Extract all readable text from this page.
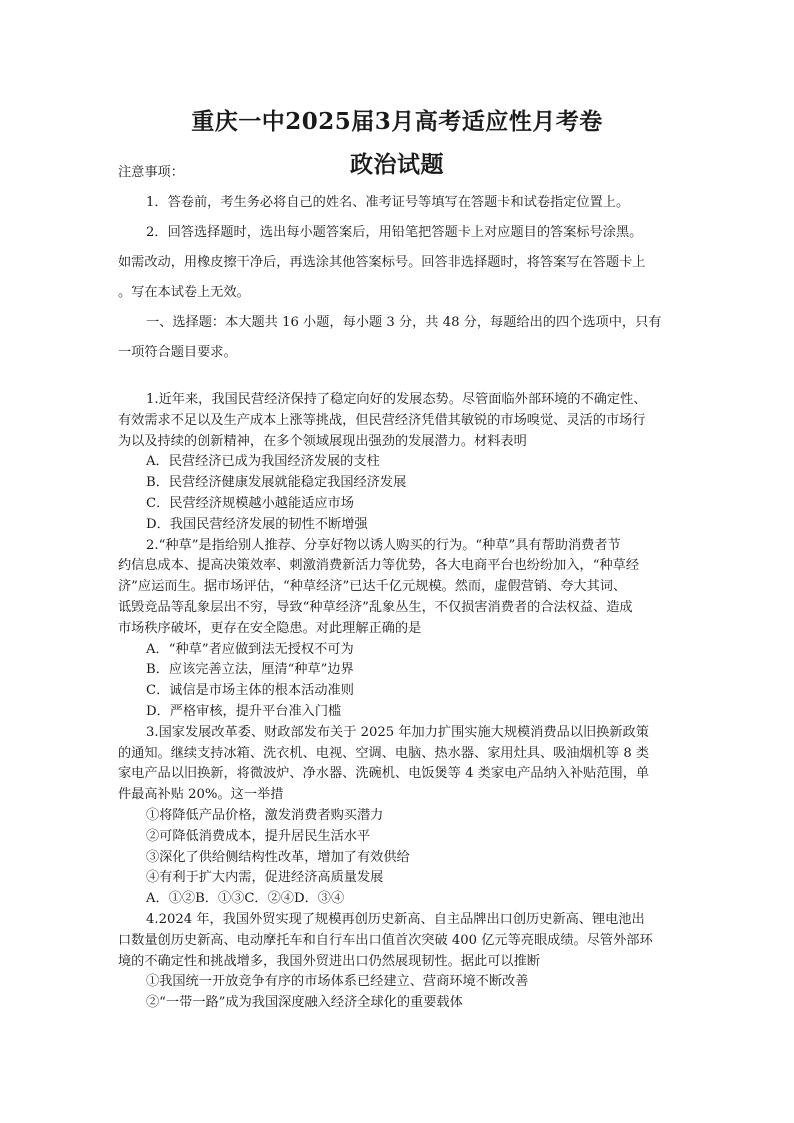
重庆一中2025届3月高考适应性月考卷
政治试题
注意事项：
1．答卷前，考生务必将自己的姓名、准考证号等填写在答题卡和试卷指定位置上。
2．回答选择题时，选出每小题答案后，用铅笔把答题卡上对应题目的答案标号涂黑。
如需改动，用橡皮擦干净后，再选涂其他答案标号。回答非选择题时，将答案写在答题卡上
。写在本试卷上无效。
一、选择题：本大题共 16 小题，每小题 3 分，共 48 分，每题给出的四个选项中，只有
一项符合题目要求。
1.近年来，我国民营经济保持了稳定向好的发展态势。尽管面临外部环境的不确定性、
有效需求不足以及生产成本上涨等挑战，但民营经济凭借其敏锐的市场嗅觉、灵活的市场行
为以及持续的创新精神，在多个领域展现出强劲的发展潜力。材料表明
A．民营经济已成为我国经济发展的支柱
B．民营经济健康发展就能稳定我国经济发展
C．民营经济规模越小越能适应市场
D．我国民营经济发展的韧性不断增强
2.“种草”是指给别人推荐、分享好物以诱人购买的行为。“种草”具有帮助消费者节
约信息成本、提高决策效率、刺激消费新活力等优势，各大电商平台也纷纷加入，“种草经
济”应运而生。据市场评估，“种草经济”已达千亿元规模。然而，虚假营销、夸大其词、
诋毁竞品等乱象层出不穷，导致“种草经济”乱象丛生，不仅损害消费者的合法权益、造成
市场秩序破坏，更存在安全隐患。对此理解正确的是
A．“种草”者应做到法无授权不可为
B．应该完善立法，厘清“种草”边界
C．诚信是市场主体的根本活动准则
D．严格审核，提升平台准入门槛
3.国家发展改革委、财政部发布关于 2025 年加力扩围实施大规模消费品以旧换新政策
的通知。继续支持冰箱、洗衣机、电视、空调、电脑、热水器、家用灶具、吸油烟机等 8 类
家电产品以旧换新，将微波炉、净水器、洗碗机、电饭煲等 4 类家电产品纳入补贴范围，单
件最高补贴 20%。这一举措
①将降低产品价格，激发消费者购买潜力
②可降低消费成本，提升居民生活水平
③深化了供给侧结构性改革，增加了有效供给
④有利于扩大内需，促进经济高质量发展
A．①②B．①③C．②④D．③④
4.2024 年，我国外贸实现了规模再创历史新高、自主品牌出口创历史新高、锂电池出
口数量创历史新高、电动摩托车和自行车出口值首次突破 400 亿元等亮眼成绩。尽管外部环
境的不确定性和挑战增多，我国外贸进出口仍然展现韧性。据此可以推断
①我国统一开放竞争有序的市场体系已经建立、营商环境不断改善
②“一带一路”成为我国深度融入经济全球化的重要载体
